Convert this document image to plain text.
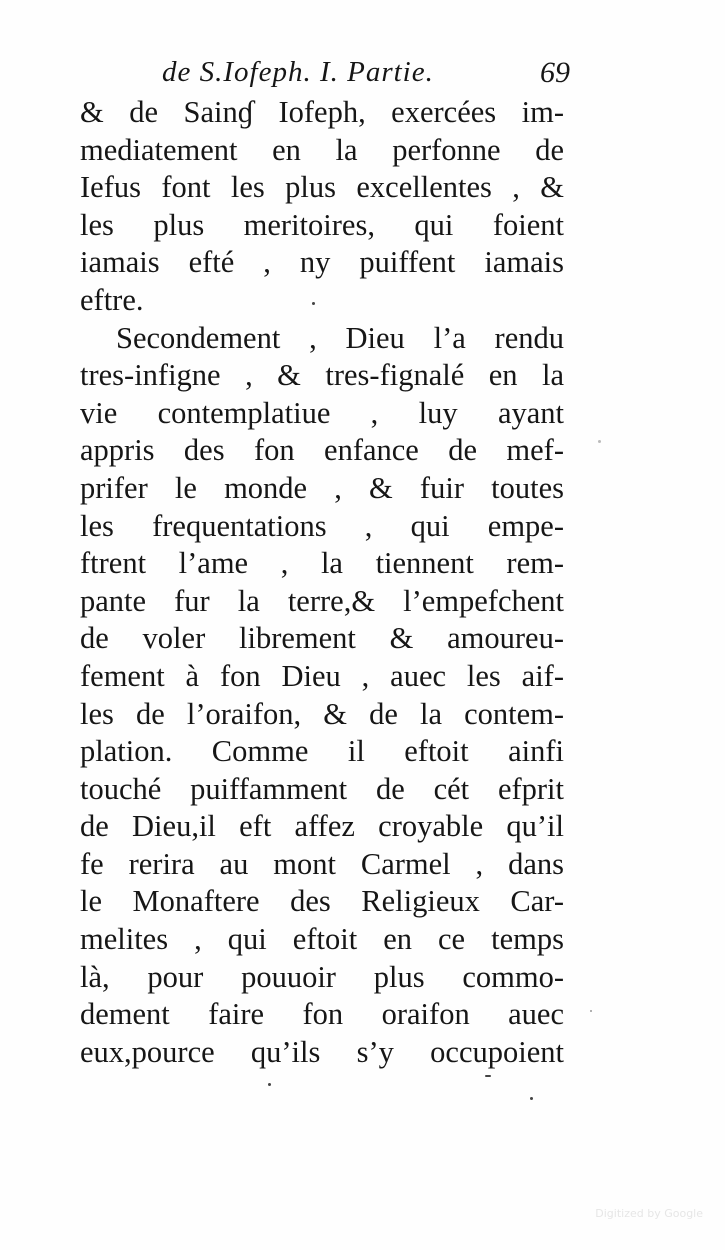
de S.Iofeph. I. Partie.	69
& de Sainɠ Iofeph, exercées im-
mediatement en la perfonne de
Iefus font les plus excellentes , &
les plus meritoires, qui foient
iamais efté , ny puiffent iamais
eftre.
Secondement , Dieu l’a rendu
tres-infigne , & tres-fignalé en la
vie contemplatiue , luy ayant
appris des fon enfance de mef-
prifer le monde , & fuir toutes
les frequentations , qui empe-
ftrent l’ame , la tiennent rem-
pante fur la terre,& l’empefchent
de voler librement & amoureu-
fement à fon Dieu , auec les aif-
les de l’oraifon, & de la contem-
plation. Comme il eftoit ainfi
touché puiffamment de cét efprit
de Dieu,il eft affez croyable qu’il
fe rerira au mont Carmel , dans
le Monaftere des Religieux Car-
melites , qui eftoit en ce temps
là, pour pouuoir plus commo-
dement faire fon oraifon auec
eux,pource qu’ils s’y occupoient
Digitized by Google
